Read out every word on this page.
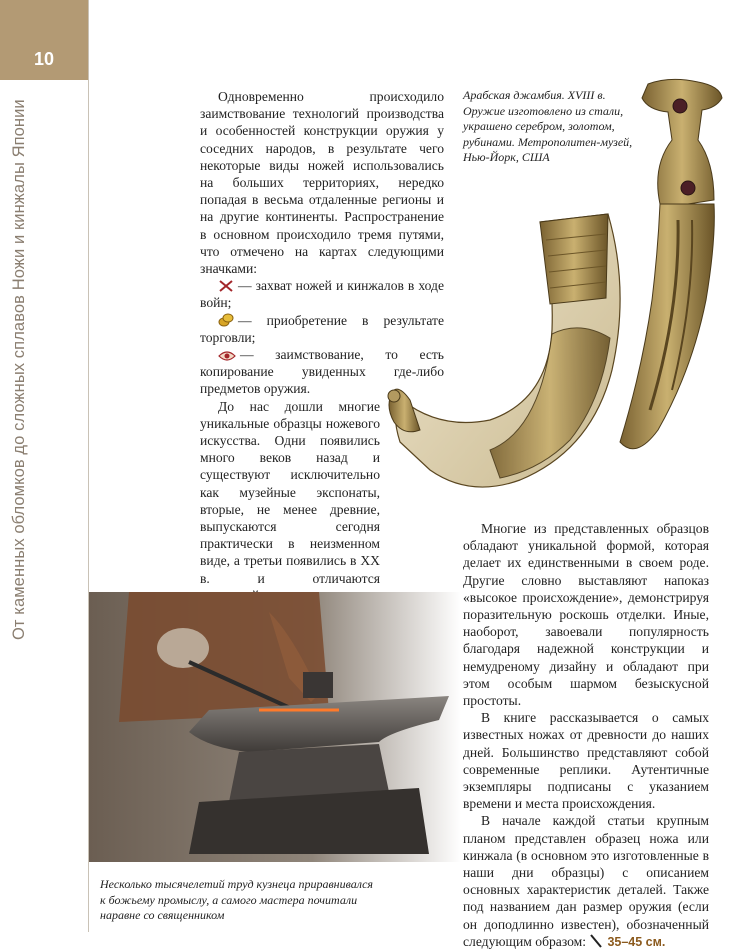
10
От каменных обломков до сложных сплавов Ножи и кинжалы Японии
Арабская джамбия. XVIII в.
Оружие изготовлено из стали,
украшено серебром, золотом,
рубинами. Метрополитен-музей,
Нью-Йорк, США

Одновременно происходило заимствование технологий производства и особенностей конструкции оружия у соседних народов, в результате чего некоторые виды ножей использовались на больших территориях, нередко попадая в весьма отдаленные регионы и на другие континенты. Распространение в основном происходило тремя путями, что отмечено на картах следующими значками:

— захват ножей и кинжалов в ходе войн;

— приобретение в результате торговли;

— заимствование, то есть копирование увиденных где-либо предметов оружия.

До нас дошли многие уникальные образцы ножевого искусства. Одни появились много веков назад и существуют исключительно как музейные экспонаты, вторые, не менее древние, выпускаются сегодня практически в неизменном виде, а третьи появились в XX в. и отличаются

Несколько тысячелетий труд кузнеца приравнивался
к божьему промыслу, а самого мастера почитали
наравне со священником

Многие из представленных образцов обладают уникальной формой, которая делает их единственными в своем роде. Другие словно выставляют напоказ «высокое происхождение», демонстрируя поразительную роскошь отделки. Иные, наоборот, завоевали популярность благодаря надежной конструкции и немудреному дизайну и обладают при этом особым шармом безыскусной простоты.

В книге рассказывается о самых известных ножах от древности до наших дней. Большинство представляют собой современные реплики. Аутентичные экземпляры подписаны с указанием времени и места происхождения.

В начале каждой статьи крупным планом представлен образец ножа или кинжала (в основном это изготовленные в наши дни образцы) с описанием основных характеристик деталей. Также под названием дан размер оружия (если он доподлинно известен), обозначенный следующим образом: 35–45 см.
